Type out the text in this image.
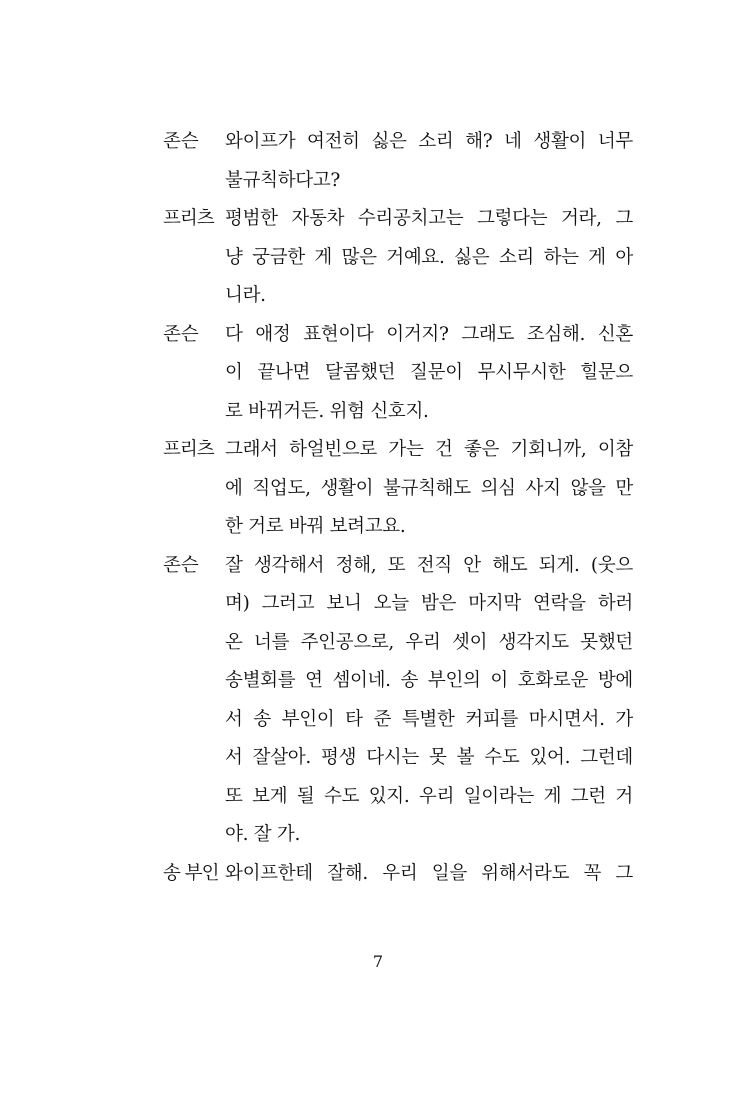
존슨	와이프가 여전히 싫은 소리 해? 네 생활이 너무
불규칙하다고?
프리츠 평범한 자동차 수리공치고는 그렇다는 거라, 그
냥 궁금한 게 많은 거예요. 싫은 소리 하는 게 아
니라.
존슨	다 애정 표현이다 이거지? 그래도 조심해. 신혼
이 끝나면 달콤했던 질문이 무시무시한 힐문으
로 바뀌거든. 위험 신호지.
프리츠 그래서 하얼빈으로 가는 건 좋은 기회니까, 이참
에 직업도, 생활이 불규칙해도 의심 사지 않을 만
한 거로 바꿔 보려고요.
존슨	잘 생각해서 정해, 또 전직 안 해도 되게. (웃으
며) 그러고 보니 오늘 밤은 마지막 연락을 하러
온 너를 주인공으로, 우리 셋이 생각지도 못했던
송별회를 연 셈이네. 송 부인의 이 호화로운 방에
서 송 부인이 타 준 특별한 커피를 마시면서. 가
서 잘살아. 평생 다시는 못 볼 수도 있어. 그런데
또 보게 될 수도 있지. 우리 일이라는 게 그런 거
야. 잘 가.
송 부인 와이프한테 잘해. 우리 일을 위해서라도 꼭 그
7
